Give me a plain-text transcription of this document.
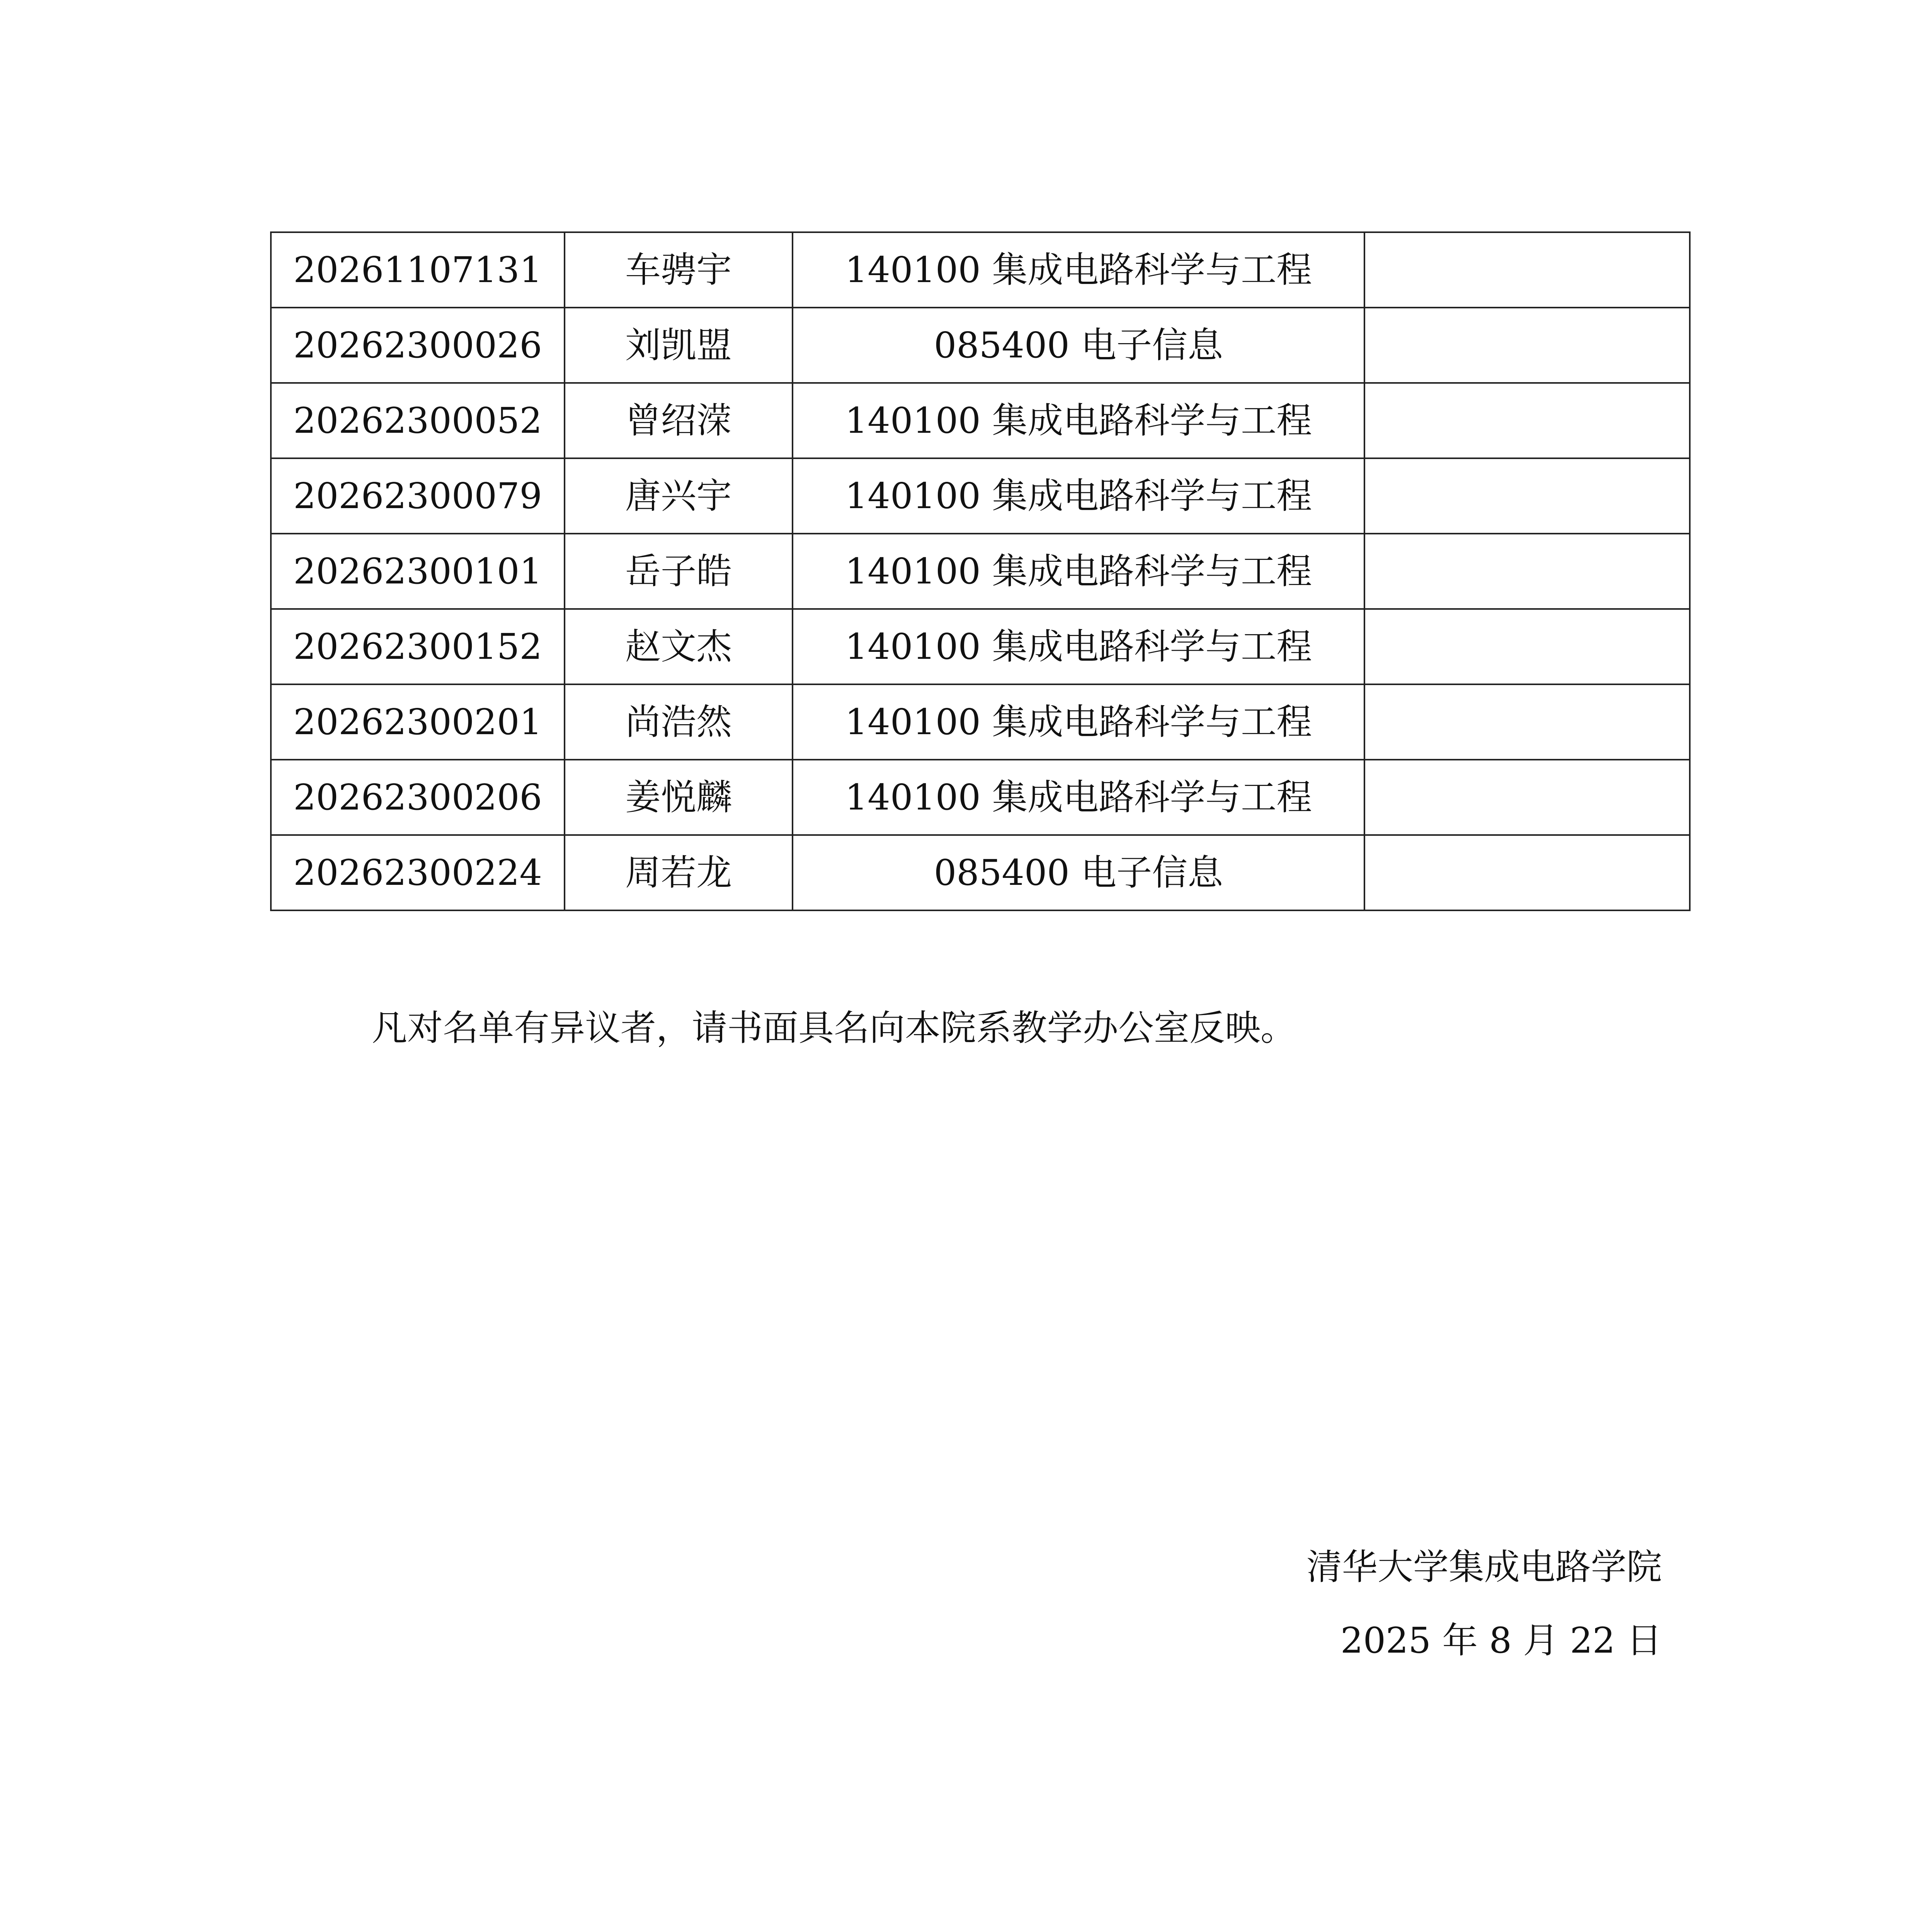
20261107131	车骋宇	140100 集成电路科学与工程	
20262300026	刘凯盟	085400 电子信息	
20262300052	曾绍溁	140100 集成电路科学与工程	
20262300079	唐兴宇	140100 集成电路科学与工程	
20262300101	岳子皓	140100 集成电路科学与工程	
20262300152	赵文杰	140100 集成电路科学与工程	
20262300201	尚浩然	140100 集成电路科学与工程	
20262300206	姜悦麟	140100 集成电路科学与工程	
20262300224	周若龙	085400 电子信息	
凡对名单有异议者，请书面具名向本院系教学办公室反映。
清华大学集成电路学院
2025 年 8 月 22 日
